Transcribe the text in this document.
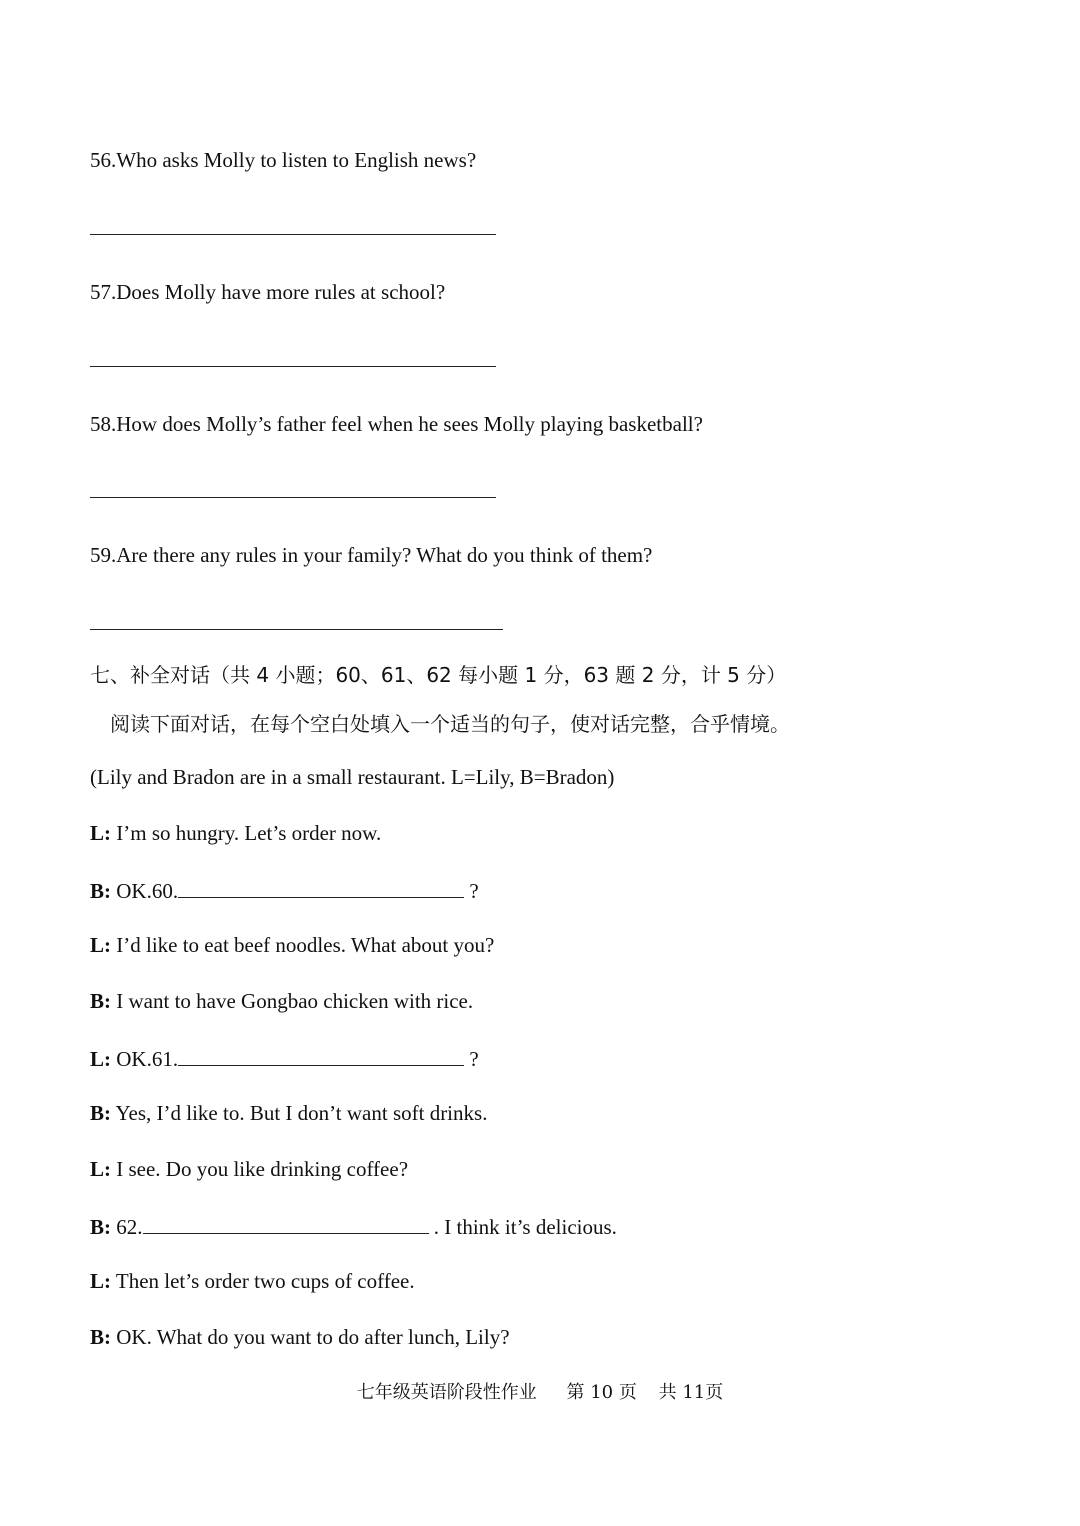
56.Who asks Molly to listen to English news?
57.Does Molly have more rules at school?
58.How does Molly’s father feel when he sees Molly playing basketball?
59.Are there any rules in your family? What do you think of them?
七、补全对话（共 4 小题；60、61、62 每小题 1 分，63 题 2 分，计 5 分）
阅读下面对话，在每个空白处填入一个适当的句子，使对话完整，合乎情境。
(Lily and Bradon are in a small restaurant. L=Lily, B=Bradon)
L: I’m so hungry. Let’s order now.
B: OK.60.	?
L: I’d like to eat beef noodles. What about you?
B: I want to have Gongbao chicken with rice.
L: OK.61.	?
B: Yes, I’d like to. But I don’t want soft drinks.
L: I see. Do you like drinking coffee?
B: 62.	. I think it’s delicious.
L: Then let’s order two cups of coffee.
B: OK. What do you want to do after lunch, Lily?
七年级英语阶段性作业 第 10 页 共 11页
